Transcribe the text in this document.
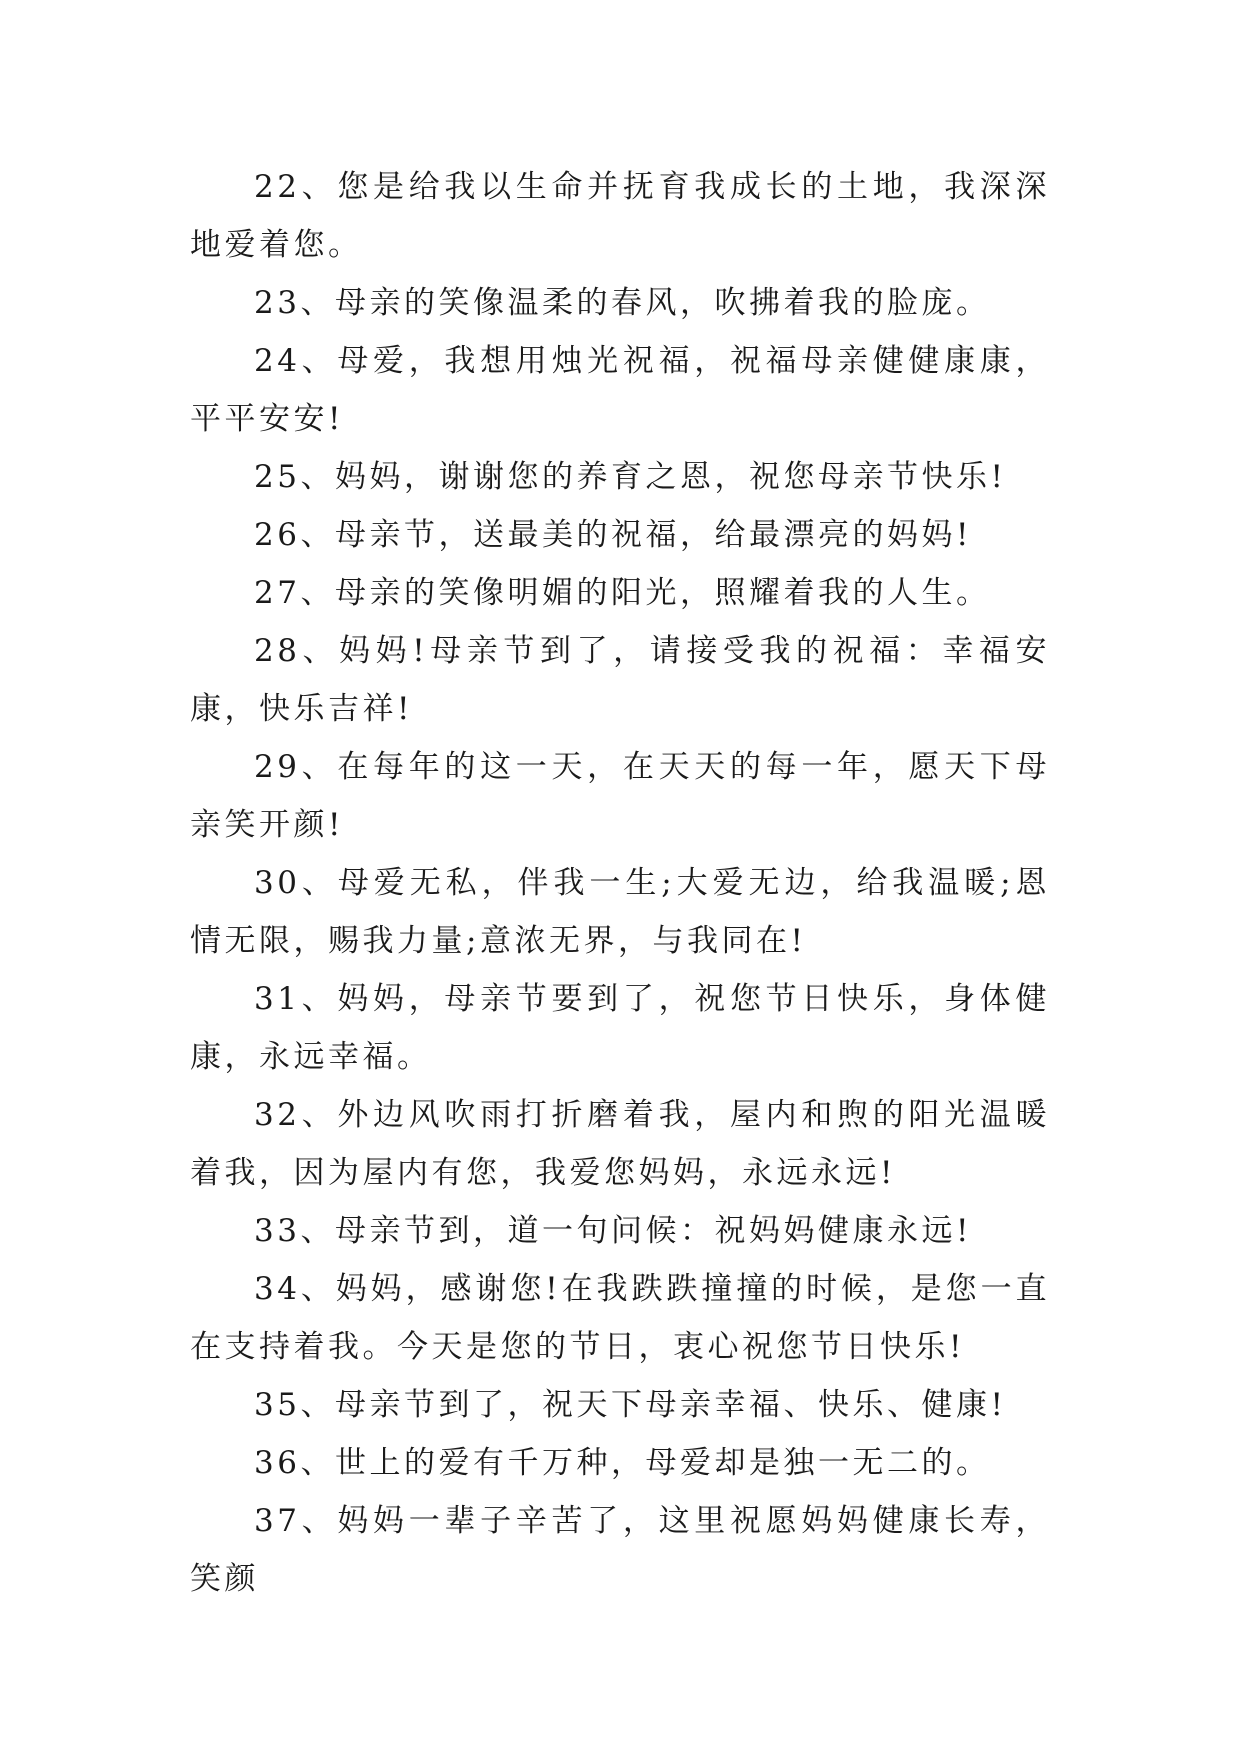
22、您是给我以生命并抚育我成长的土地，我深深地爱着您。

23、母亲的笑像温柔的春风，吹拂着我的脸庞。

24、母爱，我想用烛光祝福，祝福母亲健健康康，平平安安!

25、妈妈，谢谢您的养育之恩，祝您母亲节快乐!

26、母亲节，送最美的祝福，给最漂亮的妈妈!

27、母亲的笑像明媚的阳光，照耀着我的人生。

28、妈妈!母亲节到了，请接受我的祝福：幸福安康，快乐吉祥!

29、在每年的这一天，在天天的每一年，愿天下母亲笑开颜!

30、母爱无私，伴我一生;大爱无边，给我温暖;恩情无限，赐我力量;意浓无界，与我同在!

31、妈妈，母亲节要到了，祝您节日快乐，身体健康，永远幸福。

32、外边风吹雨打折磨着我，屋内和煦的阳光温暖着我，因为屋内有您，我爱您妈妈，永远永远!

33、母亲节到，道一句问候：祝妈妈健康永远!

34、妈妈，感谢您!在我跌跌撞撞的时候，是您一直在支持着我。今天是您的节日，衷心祝您节日快乐!

35、母亲节到了，祝天下母亲幸福、快乐、健康!

36、世上的爱有千万种，母爱却是独一无二的。

37、妈妈一辈子辛苦了，这里祝愿妈妈健康长寿，笑颜
